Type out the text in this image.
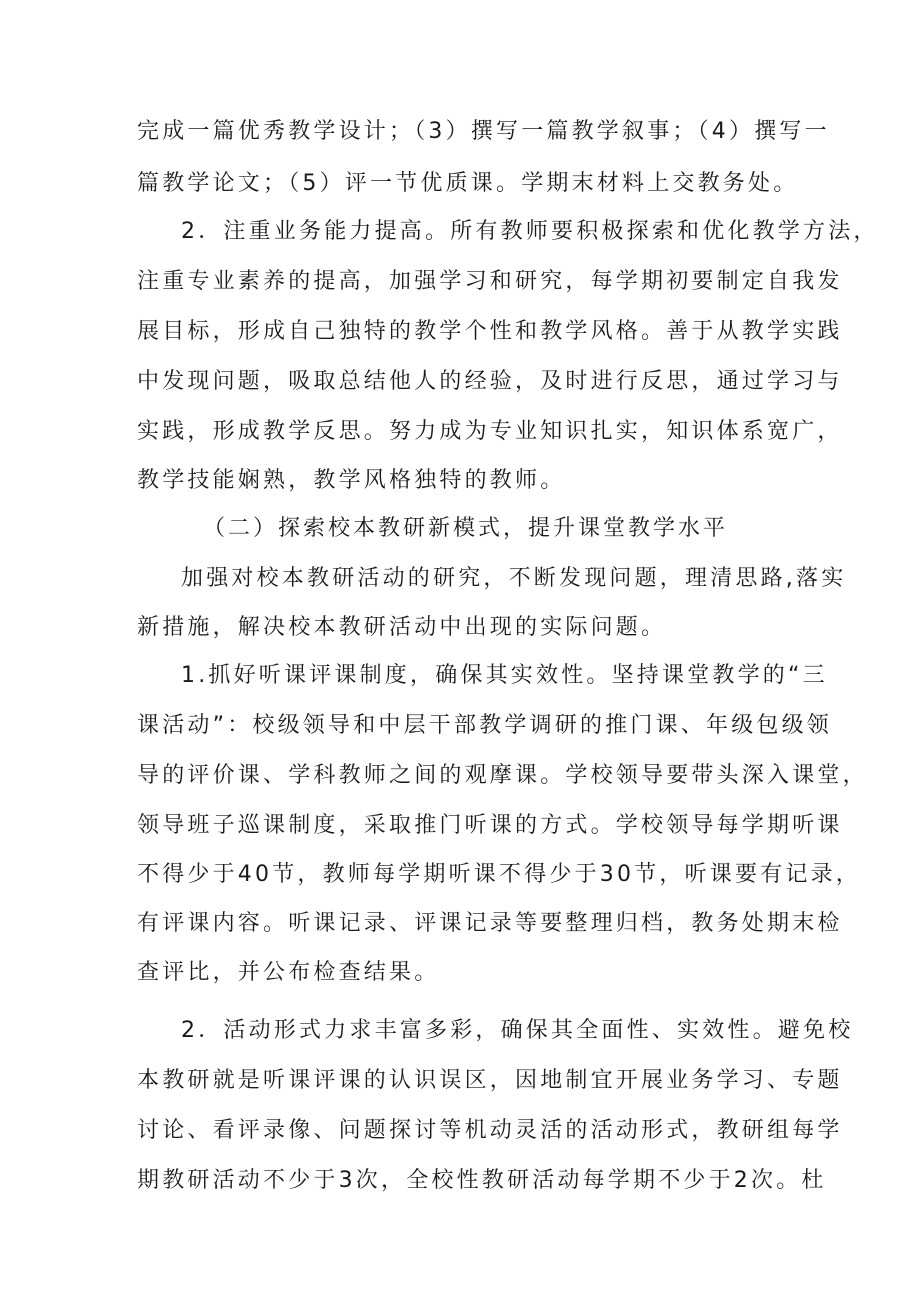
完成一篇优秀教学设计；（3）撰写一篇教学叙事；（4）撰写一
篇教学论文；（5）评一节优质课。学期末材料上交教务处。
2．注重业务能力提高。所有教师要积极探索和优化教学方法，
注重专业素养的提高，加强学习和研究，每学期初要制定自我发
展目标，形成自己独特的教学个性和教学风格。善于从教学实践
中发现问题，吸取总结他人的经验，及时进行反思，通过学习与
实践，形成教学反思。努力成为专业知识扎实，知识体系宽广，
教学技能娴熟，教学风格独特的教师。
（二）探索校本教研新模式，提升课堂教学水平
加强对校本教研活动的研究，不断发现问题，理清思路,落实
新措施，解决校本教研活动中出现的实际问题。
1.抓好听课评课制度，确保其实效性。坚持课堂教学的“三
课活动”：校级领导和中层干部教学调研的推门课、年级包级领
导的评价课、学科教师之间的观摩课。学校领导要带头深入课堂，
领导班子巡课制度，采取推门听课的方式。学校领导每学期听课
不得少于40节，教师每学期听课不得少于30节，听课要有记录，
有评课内容。听课记录、评课记录等要整理归档，教务处期末检
查评比，并公布检查结果。
2．活动形式力求丰富多彩，确保其全面性、实效性。避免校
本教研就是听课评课的认识误区，因地制宜开展业务学习、专题
讨论、看评录像、问题探讨等机动灵活的活动形式，教研组每学
期教研活动不少于3次，全校性教研活动每学期不少于2次。杜
